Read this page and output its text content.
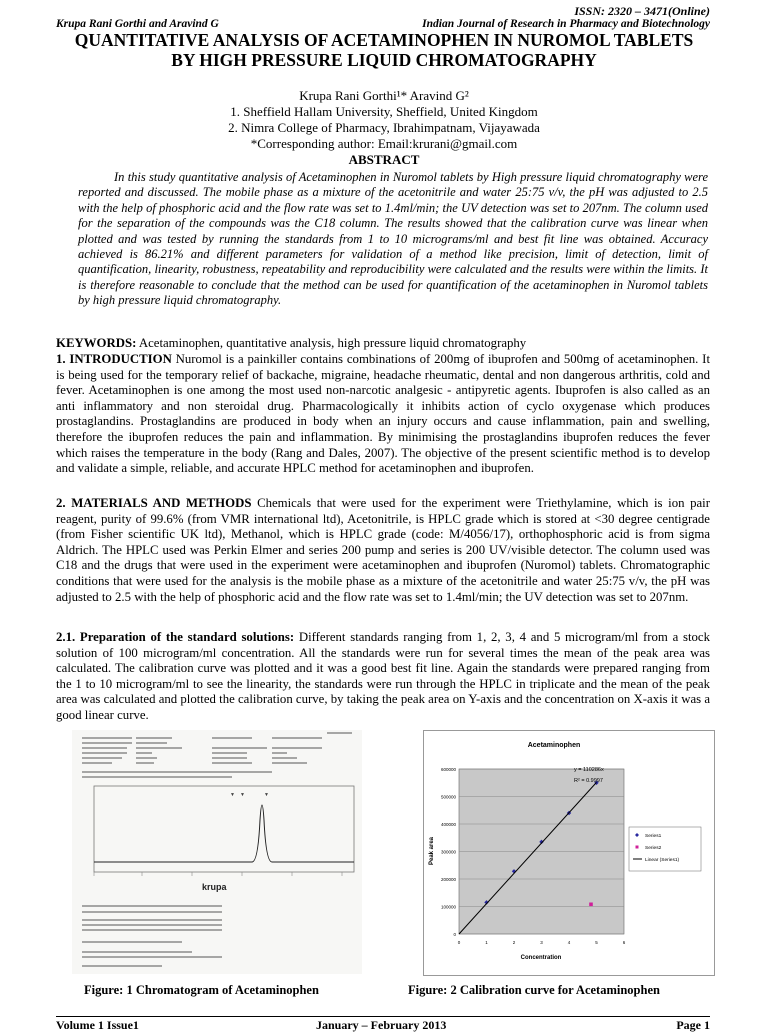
ISSN: 2320 – 3471(Online)
Krupa Rani Gorthi and Aravind G	Indian Journal of Research in Pharmacy and Biotechnology
QUANTITATIVE ANALYSIS OF ACETAMINOPHEN IN NUROMOL TABLETS
BY HIGH PRESSURE LIQUID CHROMATOGRAPHY
Krupa Rani Gorthi¹* Aravind G²
1. Sheffield Hallam University, Sheffield, United Kingdom
2. Nimra College of Pharmacy, Ibrahimpatnam, Vijayawada
*Corresponding author: Email:krurani@gmail.com
ABSTRACT
In this study quantitative analysis of Acetaminophen in Nuromol tablets by High pressure liquid chromatography were reported and discussed. The mobile phase as a mixture of the acetonitrile and water 25:75 v/v, the pH was adjusted to 2.5 with the help of phosphoric acid and the flow rate was set to 1.4ml/min; the UV detection was set to 207nm. The column used for the separation of the compounds was the C18 column. The results showed that the calibration curve was linear when plotted and was tested by running the standards from 1 to 10 micrograms/ml and best fit line was obtained. Accuracy achieved is 86.21% and different parameters for validation of a method like precision, limit of detection, limit of quantification, linearity, robustness, repeatability and reproducibility were calculated and the results were within the limits. It is therefore reasonable to conclude that the method can be used for quantification of the acetaminophen in Nuromol tablets by high pressure liquid chromatography.
KEYWORDS: Acetaminophen, quantitative analysis, high pressure liquid chromatography
1. INTRODUCTION Nuromol is a painkiller contains combinations of 200mg of ibuprofen and 500mg of acetaminophen. It is being used for the temporary relief of backache, migraine, headache rheumatic, dental and non dangerous arthritis, cold and fever. Acetaminophen is one among the most used non-narcotic analgesic - antipyretic agents. Ibuprofen is also called as an anti inflammatory and non steroidal drug. Pharmacologically it inhibits action of cyclo oxygenase which produces prostaglandins. Prostaglandins are produced in body when an injury occurs and cause inflammation, pain and swelling, therefore the ibuprofen reduces the pain and inflammation. By minimising the prostaglandins ibuprofen reduces the fever which raises the temperature in the body (Rang and Dales, 2007). The objective of the present scientific method is to develop and validate a simple, reliable, and accurate HPLC method for acetaminophen and ibuprofen.
2. MATERIALS AND METHODS Chemicals that were used for the experiment were Triethylamine, which is ion pair reagent, purity of 99.6% (from VMR international ltd), Acetonitrile, is HPLC grade which is stored at <30 degree centigrade (from Fisher scientific UK ltd), Methanol, which is HPLC grade (code: M/4056/17), orthophosphoric acid is from sigma Aldrich. The HPLC used was Perkin Elmer and series 200 pump and series is 200 UV/visible detector. The column used was C18 and the drugs that were used in the experiment were acetaminophen and ibuprofen (Nuromol) tablets. Chromatographic conditions that were used for the analysis is the mobile phase as a mixture of the acetonitrile and water 25:75 v/v, the pH was adjusted to 2.5 with the help of phosphoric acid and the flow rate was set to 1.4ml/min; the UV detection was set to 207nm.
2.1. Preparation of the standard solutions: Different standards ranging from 1, 2, 3, 4 and 5 microgram/ml from a stock solution of 100 microgram/ml concentration. All the standards were run for several times the mean of the peak area was calculated. The calibration curve was plotted and it was a good best fit line. Again the standards were prepared ranging from the 1 to 10 microgram/ml to see the linearity, the standards were run through the HPLC in triplicate and the mean of the peak area was calculated and plotted the calibration curve, by taking the peak area on Y-axis and the concentration on X-axis it was a good linear curve.
▼ ▼	▼
krupa
Acetaminophen
0
100000
200000
300000
400000
500000
600000
0	1	2	3	4	5	6
y = 110286x
R² = 0.9997
Concentration
Peak area
Series1
Series2
Linear (Series1)
Figure: 1 Chromatogram of Acetaminophen	Figure: 2 Calibration curve for Acetaminophen
Volume 1 Issue1	January – February 2013	Page 1
